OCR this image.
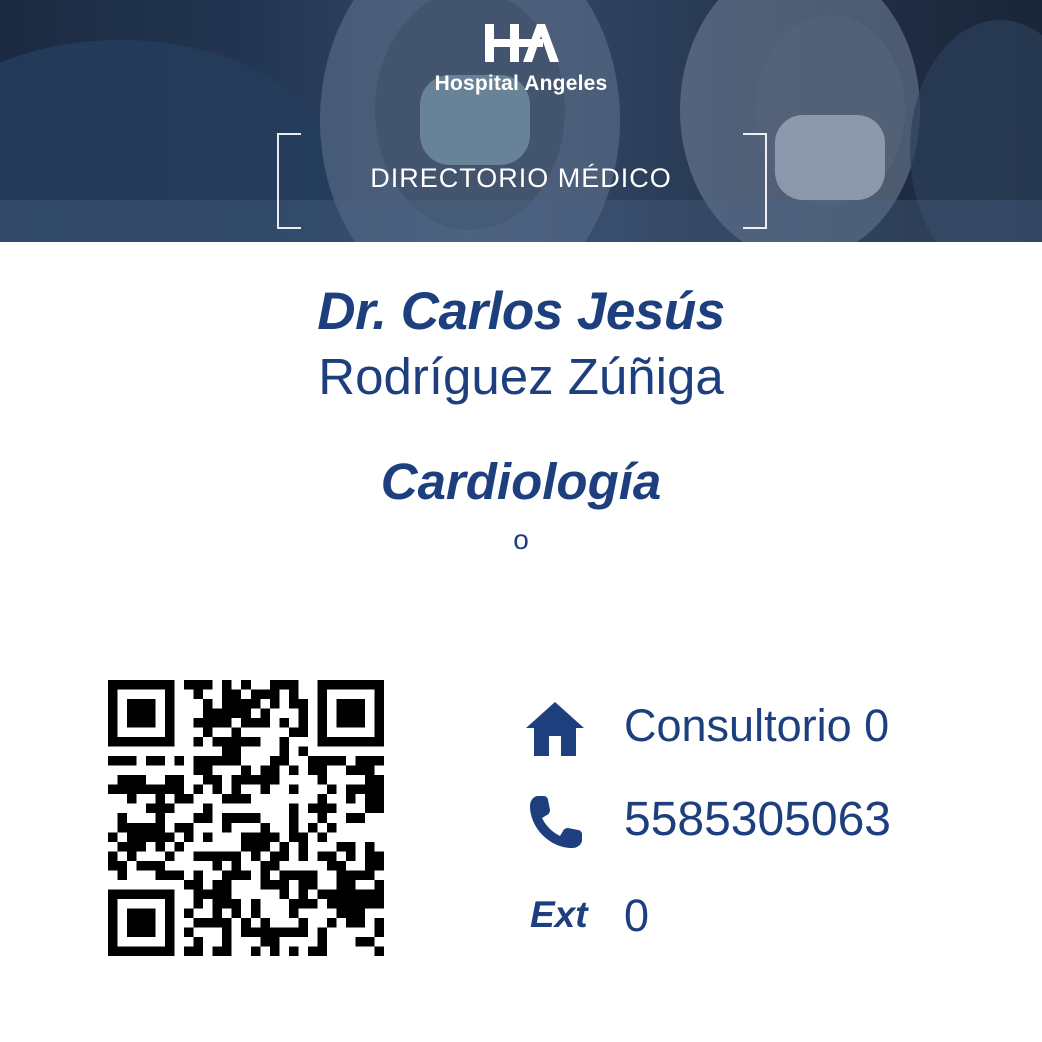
Hospital Angeles
DIRECTORIO MÉDICO
Dr. Carlos Jesús
Rodríguez Zúñiga
Cardiología
o
Consultorio 0
5585305063
Ext 0
